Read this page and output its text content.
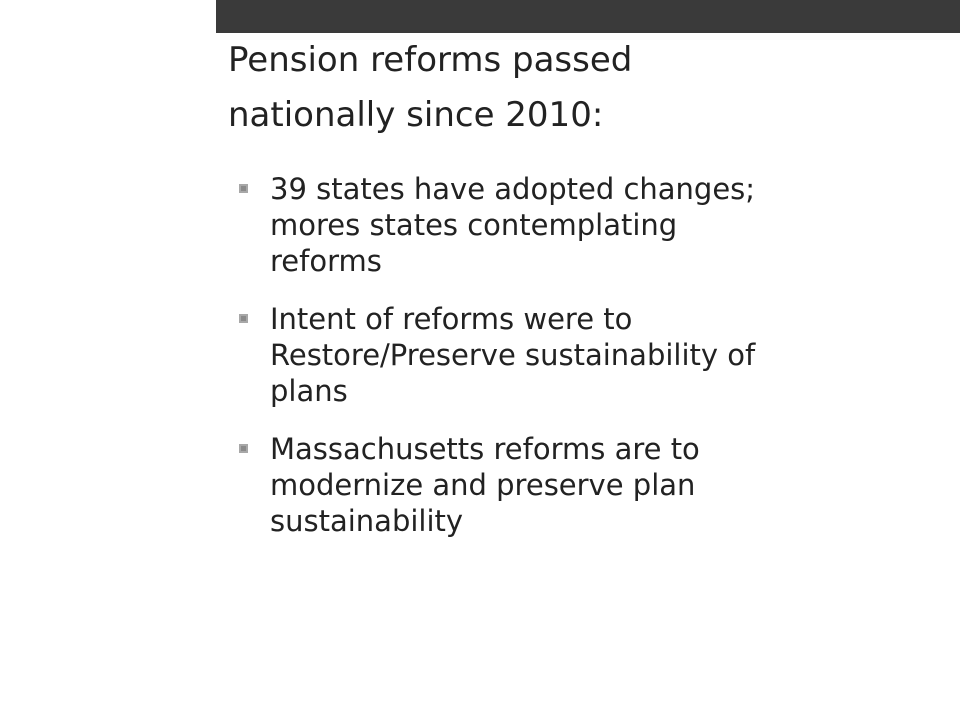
Pension reforms passed
nationally since 2010:
39 states have adopted changes;
mores states contemplating
reforms
Intent of reforms were to
Restore/Preserve sustainability of
plans
Massachusetts reforms are to
modernize and preserve plan
sustainability
